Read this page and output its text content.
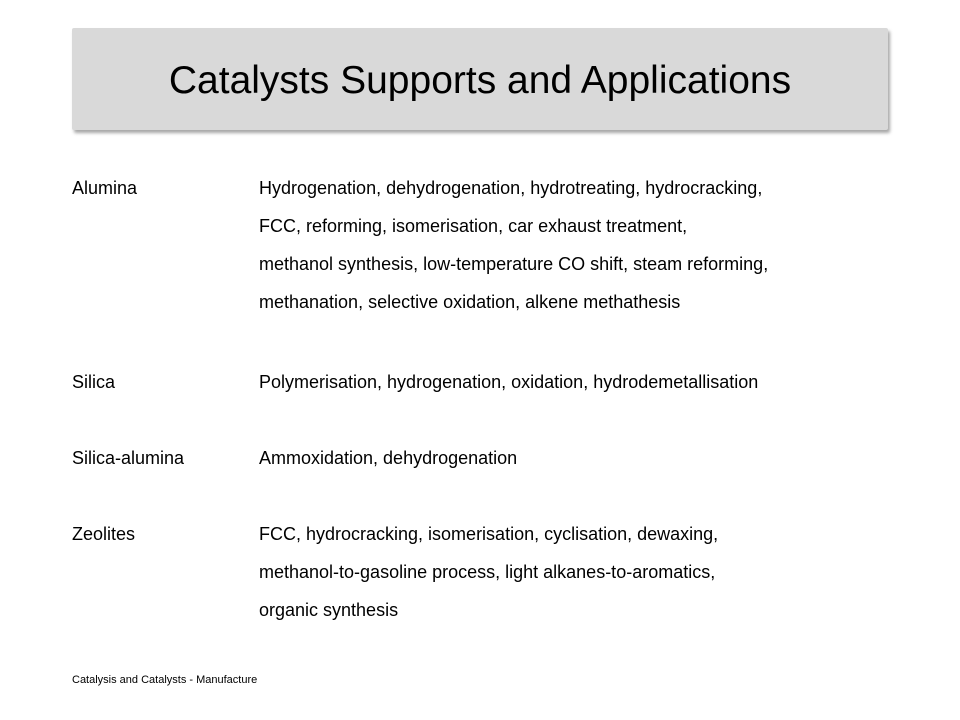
Catalysts Supports and Applications
Alumina	Hydrogenation, dehydrogenation, hydrotreating, hydrocracking,
FCC, reforming, isomerisation, car exhaust treatment,
methanol synthesis, low-temperature CO shift, steam reforming,
methanation, selective oxidation, alkene methathesis
Silica	Polymerisation, hydrogenation, oxidation, hydrodemetallisation
Silica-alumina	Ammoxidation, dehydrogenation
Zeolites	FCC, hydrocracking, isomerisation, cyclisation, dewaxing,
methanol-to-gasoline process, light alkanes-to-aromatics,
organic synthesis
Catalysis and Catalysts - Manufacture
